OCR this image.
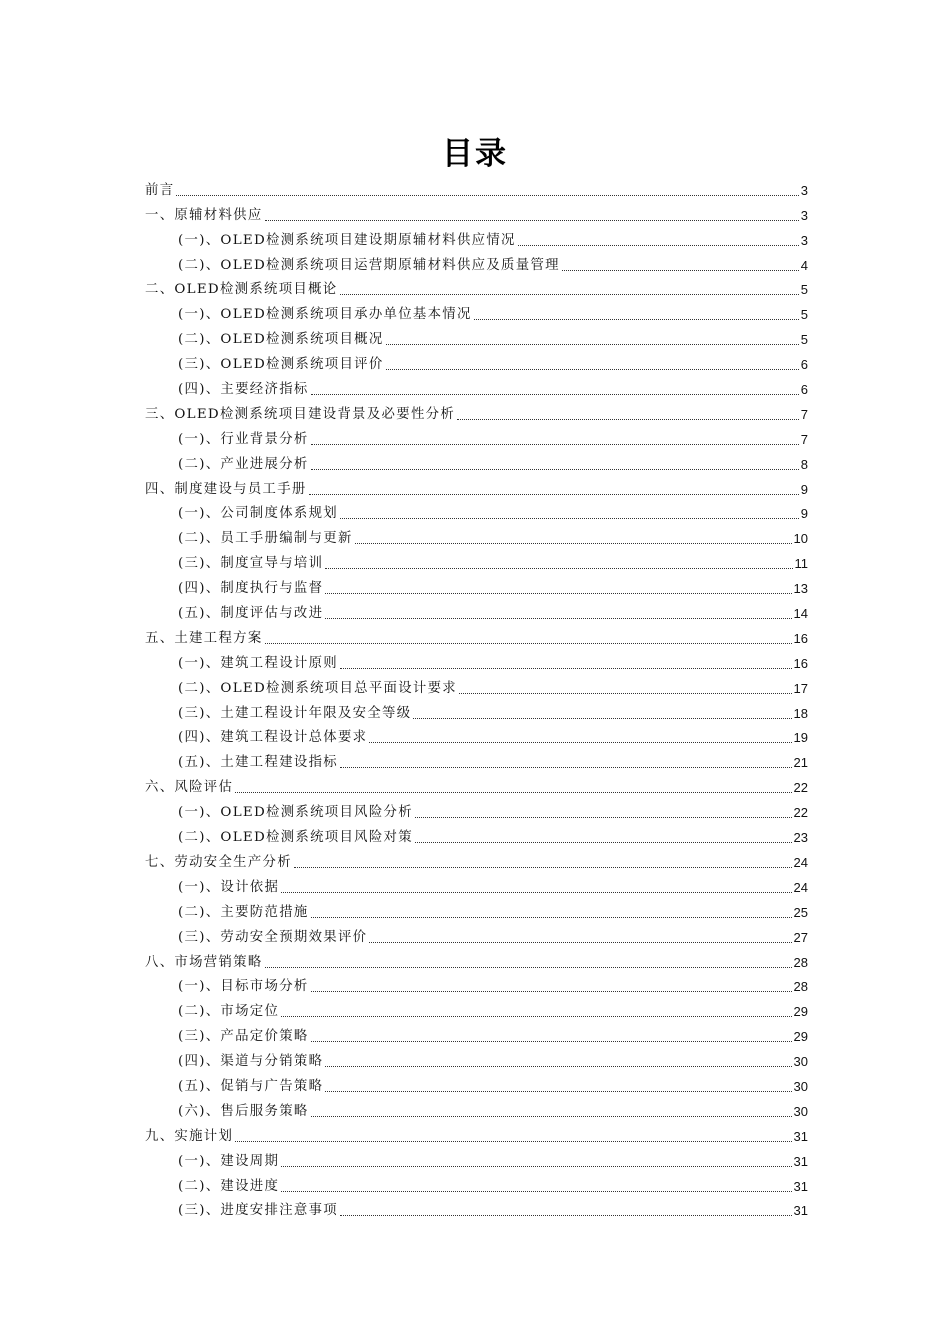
目录
前言	3
一、原辅材料供应	3
(一)、OLED检测系统项目建设期原辅材料供应情况	3
(二)、OLED检测系统项目运营期原辅材料供应及质量管理	4
二、OLED检测系统项目概论	5
(一)、OLED检测系统项目承办单位基本情况	5
(二)、OLED检测系统项目概况	5
(三)、OLED检测系统项目评价	6
(四)、主要经济指标	6
三、OLED检测系统项目建设背景及必要性分析	7
(一)、行业背景分析	7
(二)、产业进展分析	8
四、制度建设与员工手册	9
(一)、公司制度体系规划	9
(二)、员工手册编制与更新	10
(三)、制度宣导与培训	11
(四)、制度执行与监督	13
(五)、制度评估与改进	14
五、土建工程方案	16
(一)、建筑工程设计原则	16
(二)、OLED检测系统项目总平面设计要求	17
(三)、土建工程设计年限及安全等级	18
(四)、建筑工程设计总体要求	19
(五)、土建工程建设指标	21
六、风险评估	22
(一)、OLED检测系统项目风险分析	22
(二)、OLED检测系统项目风险对策	23
七、劳动安全生产分析	24
(一)、设计依据	24
(二)、主要防范措施	25
(三)、劳动安全预期效果评价	27
八、市场营销策略	28
(一)、目标市场分析	28
(二)、市场定位	29
(三)、产品定价策略	29
(四)、渠道与分销策略	30
(五)、促销与广告策略	30
(六)、售后服务策略	30
九、实施计划	31
(一)、建设周期	31
(二)、建设进度	31
(三)、进度安排注意事项	31
